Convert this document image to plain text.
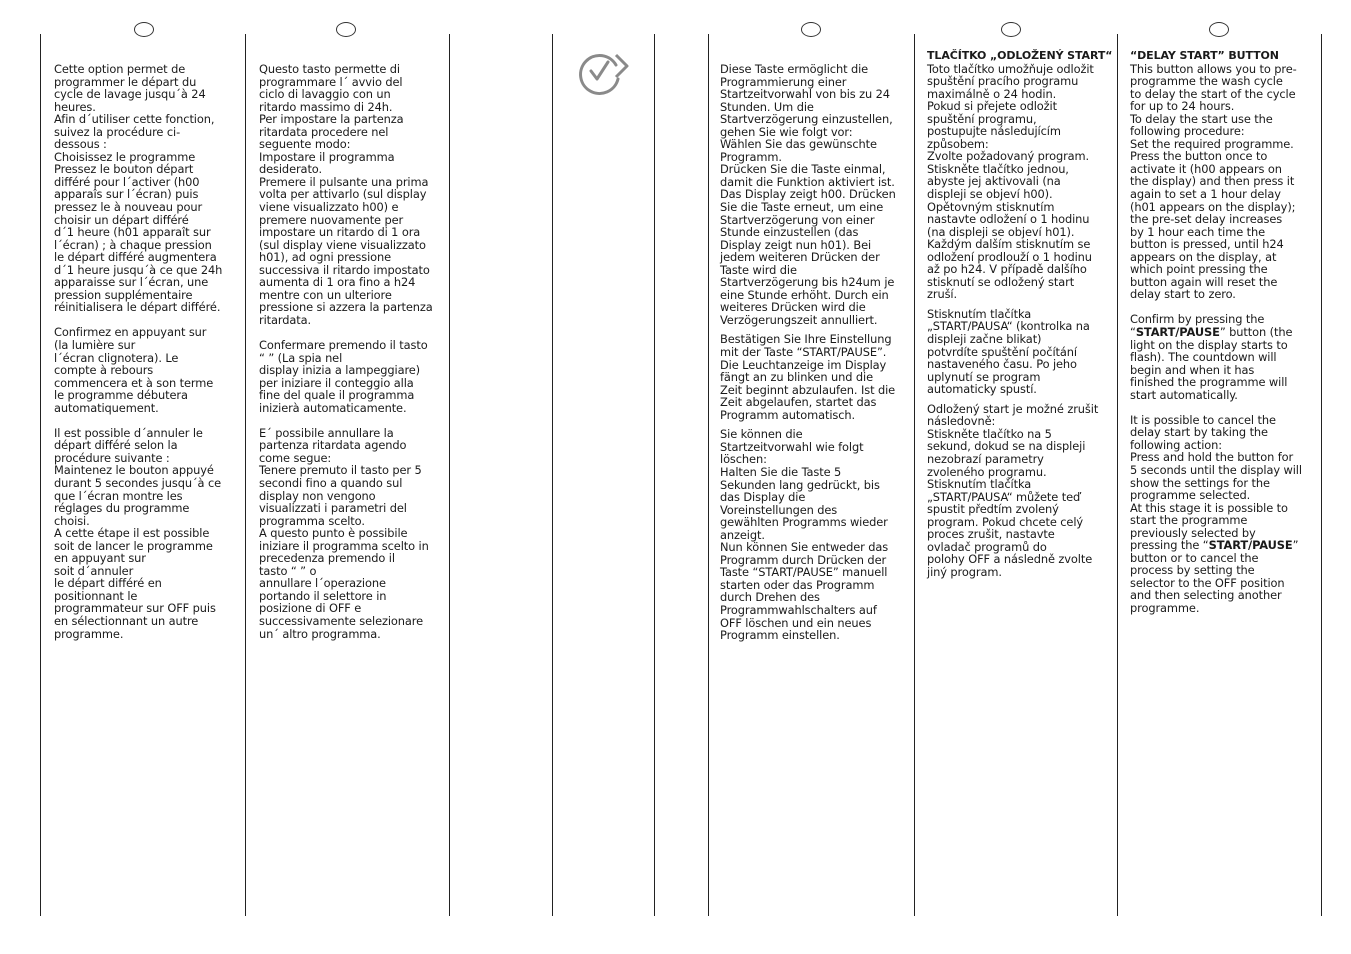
Cette option permet de
programmer le départ du
cycle de lavage jusqu´à 24
heures.
Afin d´utiliser cette fonction,
suivez la procédure ci-
dessous :
Choisissez le programme
Pressez le bouton départ
différé pour l´activer (h00
apparaîs sur l´écran) puis
pressez le à nouveau pour
choisir un départ différé
d´1 heure (h01 apparaît sur
l´écran) ; à chaque pression
le départ différé augmentera
d´1 heure jusqu´à ce que 24h
apparaisse sur l´écran, une
pression supplémentaire
réinitialisera le départ différé.

Confirmez en appuyant sur
(la lumière sur
l´écran clignotera). Le
compte à rebours
commencera et à son terme
le programme débutera
automatiquement.

Il est possible d´annuler le
départ différé selon la
procédure suivante :
Maintenez le bouton appuyé
durant 5 secondes jusqu´à ce
que l´écran montre les
réglages du programme
choisi.
A cette étape il est possible
soit de lancer le programme
en appuyant sur
soit d´annuler
le départ différé en
positionnant le
programmateur sur OFF puis
en sélectionnant un autre
programme.

Questo tasto permette di
programmare l´ avvio del
ciclo di lavaggio con un
ritardo massimo di 24h.
Per impostare la partenza
ritardata procedere nel
seguente modo:
Impostare il programma
desiderato.
Premere il pulsante una prima
volta per attivarlo (sul display
viene visualizzato h00) e
premere nuovamente per
impostare un ritardo di 1 ora
(sul display viene visualizzato
h01), ad ogni pressione
successiva il ritardo impostato
aumenta di 1 ora fino a h24
mentre con un ulteriore
pressione si azzera la partenza
ritardata.

Confermare premendo il tasto
“ ” (La spia nel
display inizia a lampeggiare)
per iniziare il conteggio alla
fine del quale il programma
inizierà automaticamente.

E´ possibile annullare la
partenza ritardata agendo
come segue:
Tenere premuto il tasto per 5
secondi fino a quando sul
display non vengono
visualizzati i parametri del
programma scelto.
A questo punto è possibile
iniziare il programma scelto in
precedenza premendo il
tasto “ ” o
annullare l´operazione
portando il selettore in
posizione di OFF e
successivamente selezionare
un´ altro programma.

Diese Taste ermöglicht die
Programmierung einer
Startzeitvorwahl von bis zu 24
Stunden. Um die
Startverzögerung einzustellen,
gehen Sie wie folgt vor:
Wählen Sie das gewünschte
Programm.
Drücken Sie die Taste einmal,
damit die Funktion aktiviert ist.
Das Display zeigt h00. Drücken
Sie die Taste erneut, um eine
Startverzögerung von einer
Stunde einzustellen (das
Display zeigt nun h01). Bei
jedem weiteren Drücken der
Taste wird die
Startverzögerung bis h24um je
eine Stunde erhöht. Durch ein
weiteres Drücken wird die
Verzögerungszeit annulliert.

Bestätigen Sie Ihre Einstellung
mit der Taste “START/PAUSE”.
Die Leuchtanzeige im Display
fängt an zu blinken und die
Zeit beginnt abzulaufen. Ist die
Zeit abgelaufen, startet das
Programm automatisch.

Sie können die
Startzeitvorwahl wie folgt
löschen:
Halten Sie die Taste 5
Sekunden lang gedrückt, bis
das Display die
Voreinstellungen des
gewählten Programms wieder
anzeigt.
Nun können Sie entweder das
Programm durch Drücken der
Taste “START/PAUSE” manuell
starten oder das Programm
durch Drehen des
Programmwahlschalters auf
OFF löschen und ein neues
Programm einstellen.

TLAČÍTKO „ODLOŽENÝ START“

Toto tlačítko umožňuje odložit
spuštění pracího programu
maximálně o 24 hodin.
Pokud si přejete odložit
spuštění programu,
postupujte následujícím
způsobem:
Zvolte požadovaný program.
Stiskněte tlačítko jednou,
abyste jej aktivovali (na
displeji se objeví h00).
Opětovným stisknutím
nastavte odložení o 1 hodinu
(na displeji se objeví h01).
Každým dalším stisknutím se
odložení prodlouží o 1 hodinu
až po h24. V případě dalšího
stisknutí se odložený start
zruší.

Stisknutím tlačítka
„START/PAUSA“ (kontrolka na
displeji začne blikat)
potvrdíte spuštění počítání
nastaveného času. Po jeho
uplynutí se program
automaticky spustí.

Odložený start je možné zrušit
následovně:
Stiskněte tlačítko na 5
sekund, dokud se na displeji
nezobrazí parametry
zvoleného programu.
Stisknutím tlačítka
„START/PAUSA“ můžete teď
spustit předtím zvolený
program. Pokud chcete celý
proces zrušit, nastavte
ovladač programů do
polohy OFF a následně zvolte
jiný program.

“DELAY START” BUTTON

This button allows you to pre-
programme the wash cycle
to delay the start of the cycle
for up to 24 hours.
To delay the start use the
following procedure:
Set the required programme.
Press the button once to
activate it (h00 appears on
the display) and then press it
again to set a 1 hour delay
(h01 appears on the display);
the pre-set delay increases
by 1 hour each time the
button is pressed, until h24
appears on the display, at
which point pressing the
button again will reset the
delay start to zero.

Confirm by pressing the
“START/PAUSE” button (the
light on the display starts to
flash). The countdown will
begin and when it has
finished the programme will
start automatically.

It is possible to cancel the
delay start by taking the
following action:
Press and hold the button for
5 seconds until the display will
show the settings for the
programme selected.
At this stage it is possible to
start the programme
previously selected by
pressing the “START/PAUSE”
button or to cancel the
process by setting the
selector to the OFF position
and then selecting another
programme.
